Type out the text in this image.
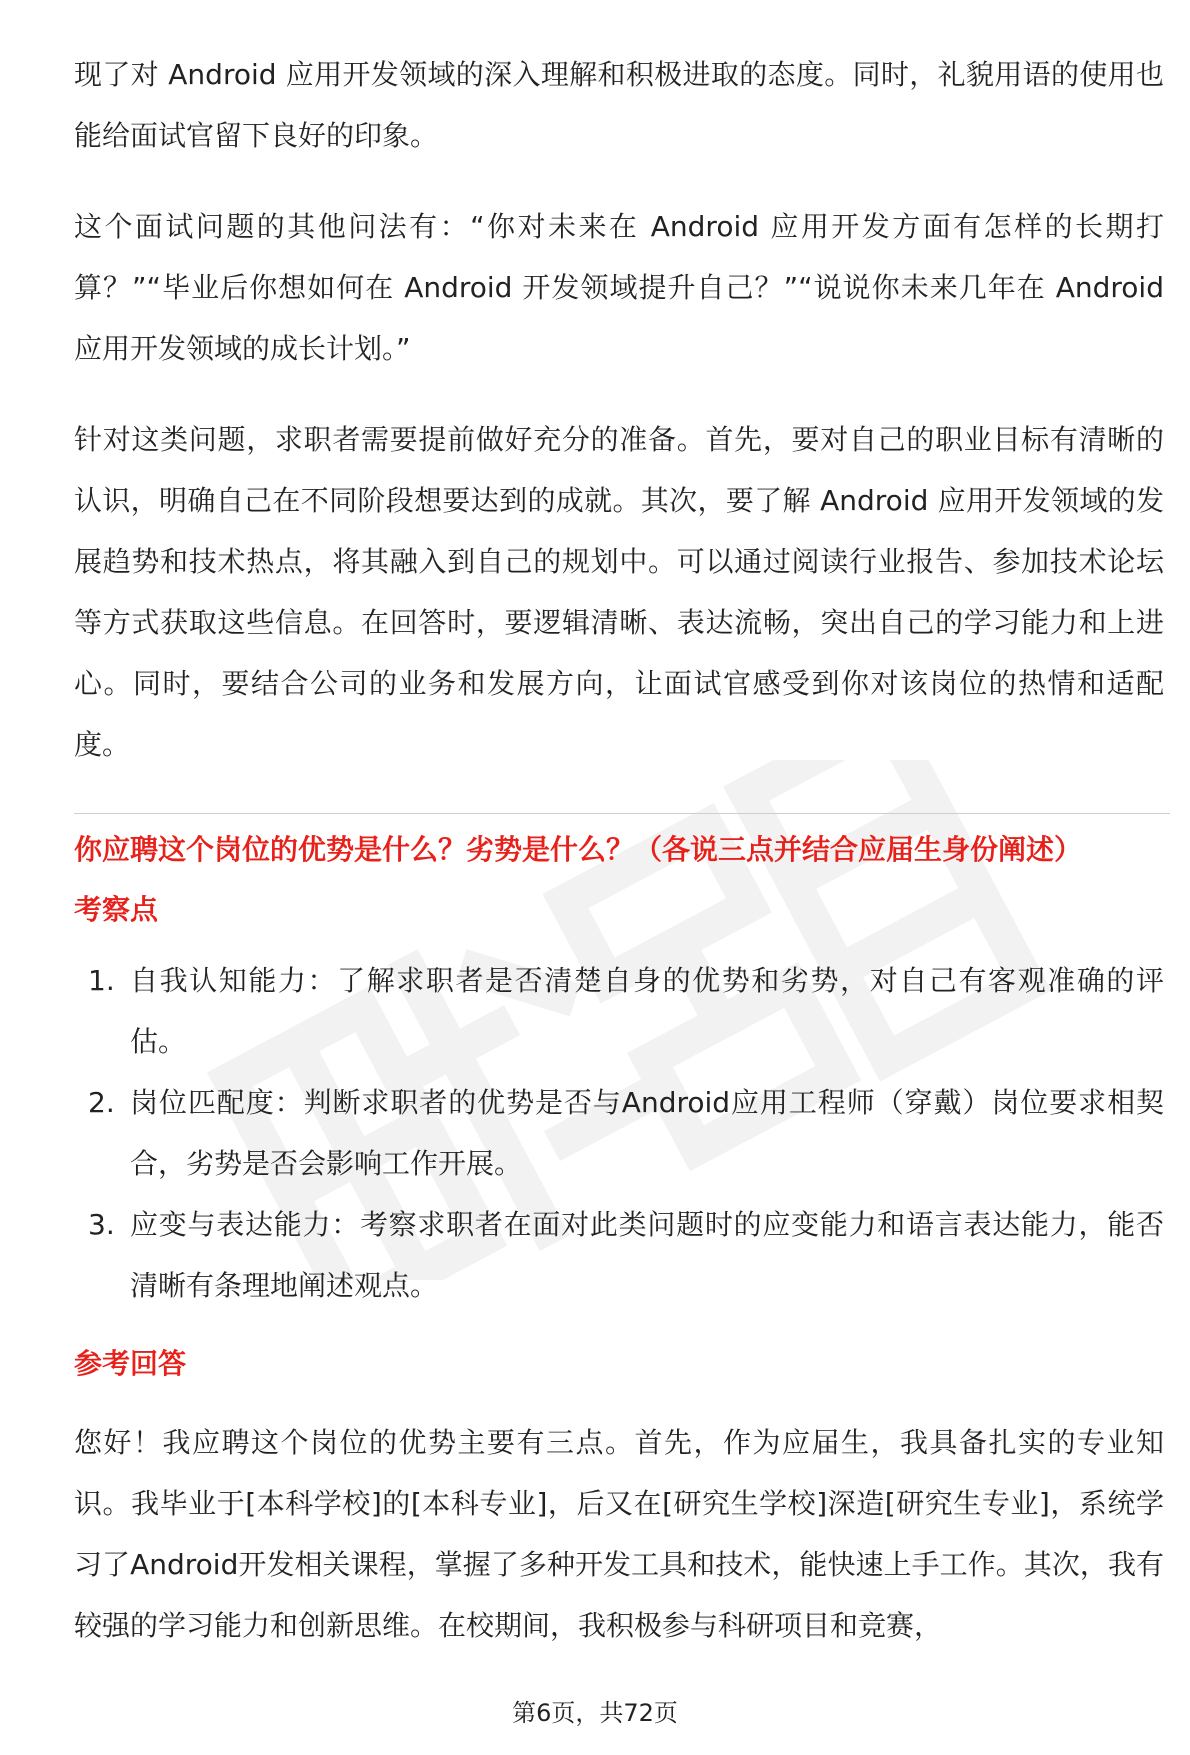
现了对 Android 应用开发领域的深入理解和积极进取的态度。同时，礼貌用语的使用也能给面试官留下良好的印象。

这个面试问题的其他问法有：“你对未来在 Android 应用开发方面有怎样的长期打算？”“毕业后你想如何在 Android 开发领域提升自己？”“说说你未来几年在 Android 应用开发领域的成长计划。”

针对这类问题，求职者需要提前做好充分的准备。首先，要对自己的职业目标有清晰的认识，明确自己在不同阶段想要达到的成就。其次，要了解 Android 应用开发领域的发展趋势和技术热点，将其融入到自己的规划中。可以通过阅读行业报告、参加技术论坛等方式获取这些信息。在回答时，要逻辑清晰、表达流畅，突出自己的学习能力和上进心。同时，要结合公司的业务和发展方向，让面试官感受到你对该岗位的热情和适配度。

你应聘这个岗位的优势是什么？劣势是什么？（各说三点并结合应届生身份阐述）

考察点

1. 自我认知能力：了解求职者是否清楚自身的优势和劣势，对自己有客观准确的评估。
2. 岗位匹配度：判断求职者的优势是否与Android应用工程师（穿戴）岗位要求相契合，劣势是否会影响工作开展。
3. 应变与表达能力：考察求职者在面对此类问题时的应变能力和语言表达能力，能否清晰有条理地阐述观点。

参考回答

您好！我应聘这个岗位的优势主要有三点。首先，作为应届生，我具备扎实的专业知识。我毕业于[本科学校]的[本科专业]，后又在[研究生学校]深造[研究生专业]，系统学习了Android开发相关课程，掌握了多种开发工具和技术，能快速上手工作。其次，我有较强的学习能力和创新思维。在校期间，我积极参与科研项目和竞赛，

第6页，共72页
